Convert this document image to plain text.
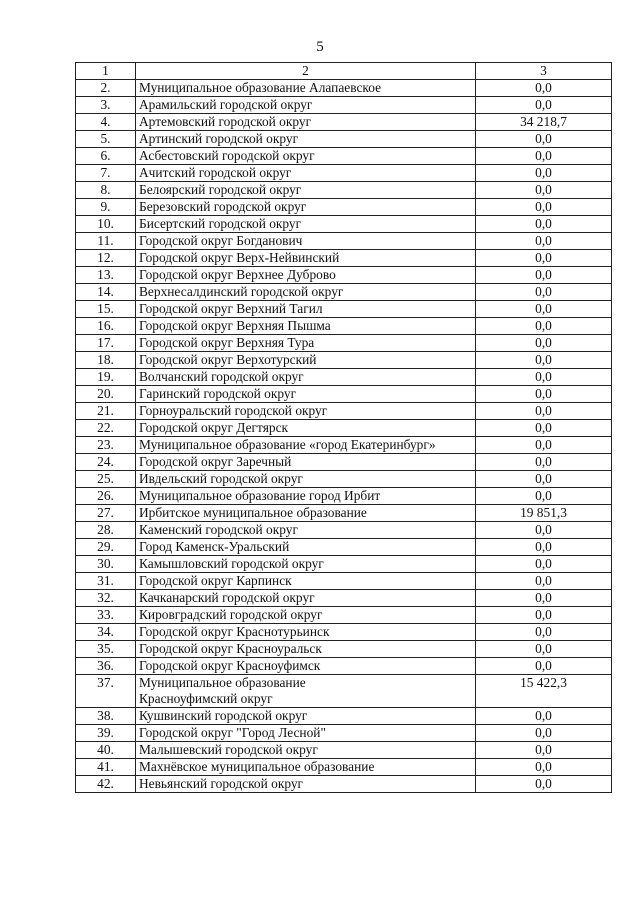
5
1	2	3
2.	Муниципальное образование Алапаевское	0,0
3.	Арамильский городской округ	0,0
4.	Артемовский городской округ	34 218,7
5.	Артинский городской округ	0,0
6.	Асбестовский городской округ	0,0
7.	Ачитский городской округ	0,0
8.	Белоярский городской округ	0,0
9.	Березовский городской округ	0,0
10.	Бисертский городской округ	0,0
11.	Городской округ Богданович	0,0
12.	Городской округ Верх-Нейвинский	0,0
13.	Городской округ Верхнее Дуброво	0,0
14.	Верхнесалдинский городской округ	0,0
15.	Городской округ Верхний Тагил	0,0
16.	Городской округ Верхняя Пышма	0,0
17.	Городской округ Верхняя Тура	0,0
18.	Городской округ Верхотурский	0,0
19.	Волчанский городской округ	0,0
20.	Гаринский городской округ	0,0
21.	Горноуральский городской округ	0,0
22.	Городской округ Дегтярск	0,0
23.	Муниципальное образование «город Екатеринбург»	0,0
24.	Городской округ Заречный	0,0
25.	Ивдельский городской округ	0,0
26.	Муниципальное образование город Ирбит	0,0
27.	Ирбитское муниципальное образование	19 851,3
28.	Каменский городской округ	0,0
29.	Город Каменск-Уральский	0,0
30.	Камышловский городской округ	0,0
31.	Городской округ Карпинск	0,0
32.	Качканарский городской округ	0,0
33.	Кировградский городской округ	0,0
34.	Городской округ Краснотурьинск	0,0
35.	Городской округ Красноуральск	0,0
36.	Городской округ Красноуфимск	0,0
37.	Муниципальное образование
Красноуфимский округ	15 422,3
38.	Кушвинский городской округ	0,0
39.	Городской округ "Город Лесной"	0,0
40.	Малышевский городской округ	0,0
41.	Махнёвское муниципальное образование	0,0
42.	Невьянский городской округ	0,0
